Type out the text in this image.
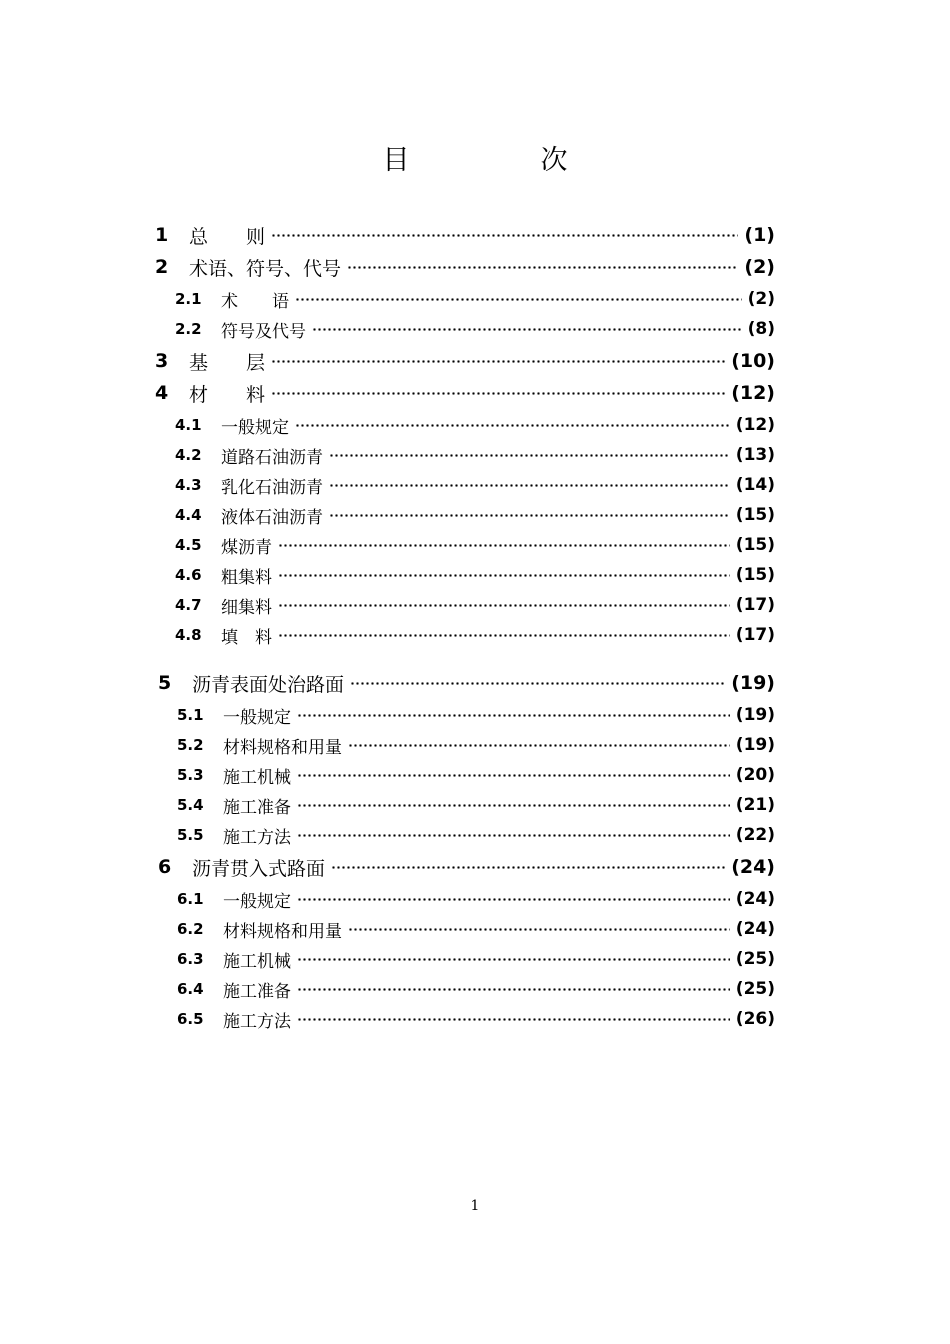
目　次
1	总　　则	(1)
2	术语、符号、代号	(2)
2.1	术　　语	(2)
2.2	符号及代号	(8)
3	基　　层	(10)
4	材　　料	(12)
4.1	一般规定	(12)
4.2	道路石油沥青	(13)
4.3	乳化石油沥青	(14)
4.4	液体石油沥青	(15)
4.5	煤沥青	(15)
4.6	粗集料	(15)
4.7	细集料	(17)
4.8	填　料	(17)
5	沥青表面处治路面	(19)
5.1	一般规定	(19)
5.2	材料规格和用量	(19)
5.3	施工机械	(20)
5.4	施工准备	(21)
5.5	施工方法	(22)
6	沥青贯入式路面	(24)
6.1	一般规定	(24)
6.2	材料规格和用量	(24)
6.3	施工机械	(25)
6.4	施工准备	(25)
6.5	施工方法	(26)
1
